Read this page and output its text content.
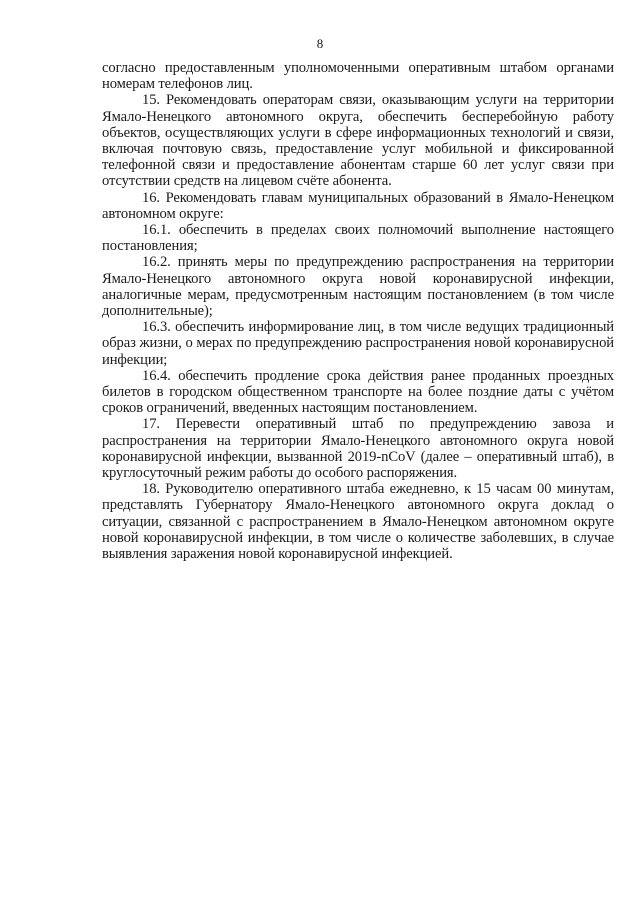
8

согласно предоставленным уполномоченными оперативным штабом органами номерам телефонов лиц.

15. Рекомендовать операторам связи, оказывающим услуги на территории Ямало-Ненецкого автономного округа, обеспечить бесперебойную работу объектов, осуществляющих услуги в сфере информационных технологий и связи, включая почтовую связь, предоставление услуг мобильной и фиксированной телефонной связи и предоставление абонентам старше 60 лет услуг связи при отсутствии средств на лицевом счёте абонента.

16. Рекомендовать главам муниципальных образований в Ямало-Ненецком автономном округе:

16.1. обеспечить в пределах своих полномочий выполнение настоящего постановления;

16.2. принять меры по предупреждению распространения на территории Ямало-Ненецкого автономного округа новой коронавирусной инфекции, аналогичные мерам, предусмотренным настоящим постановлением (в том числе дополнительные);

16.3. обеспечить информирование лиц, в том числе ведущих традиционный образ жизни, о мерах по предупреждению распространения новой коронавирусной инфекции;

16.4. обеспечить продление срока действия ранее проданных проездных билетов в городском общественном транспорте на более поздние даты с учётом сроков ограничений, введенных настоящим постановлением.

17. Перевести оперативный штаб по предупреждению завоза и распространения на территории Ямало-Ненецкого автономного округа новой коронавирусной инфекции, вызванной 2019-nCoV (далее – оперативный штаб), в круглосуточный режим работы до особого распоряжения.

18. Руководителю оперативного штаба ежедневно, к 15 часам 00 минутам, представлять Губернатору Ямало-Ненецкого автономного округа доклад о ситуации, связанной с распространением в Ямало-Ненецком автономном округе новой коронавирусной инфекции, в том числе о количестве заболевших, в случае выявления заражения новой коронавирусной инфекцией.
